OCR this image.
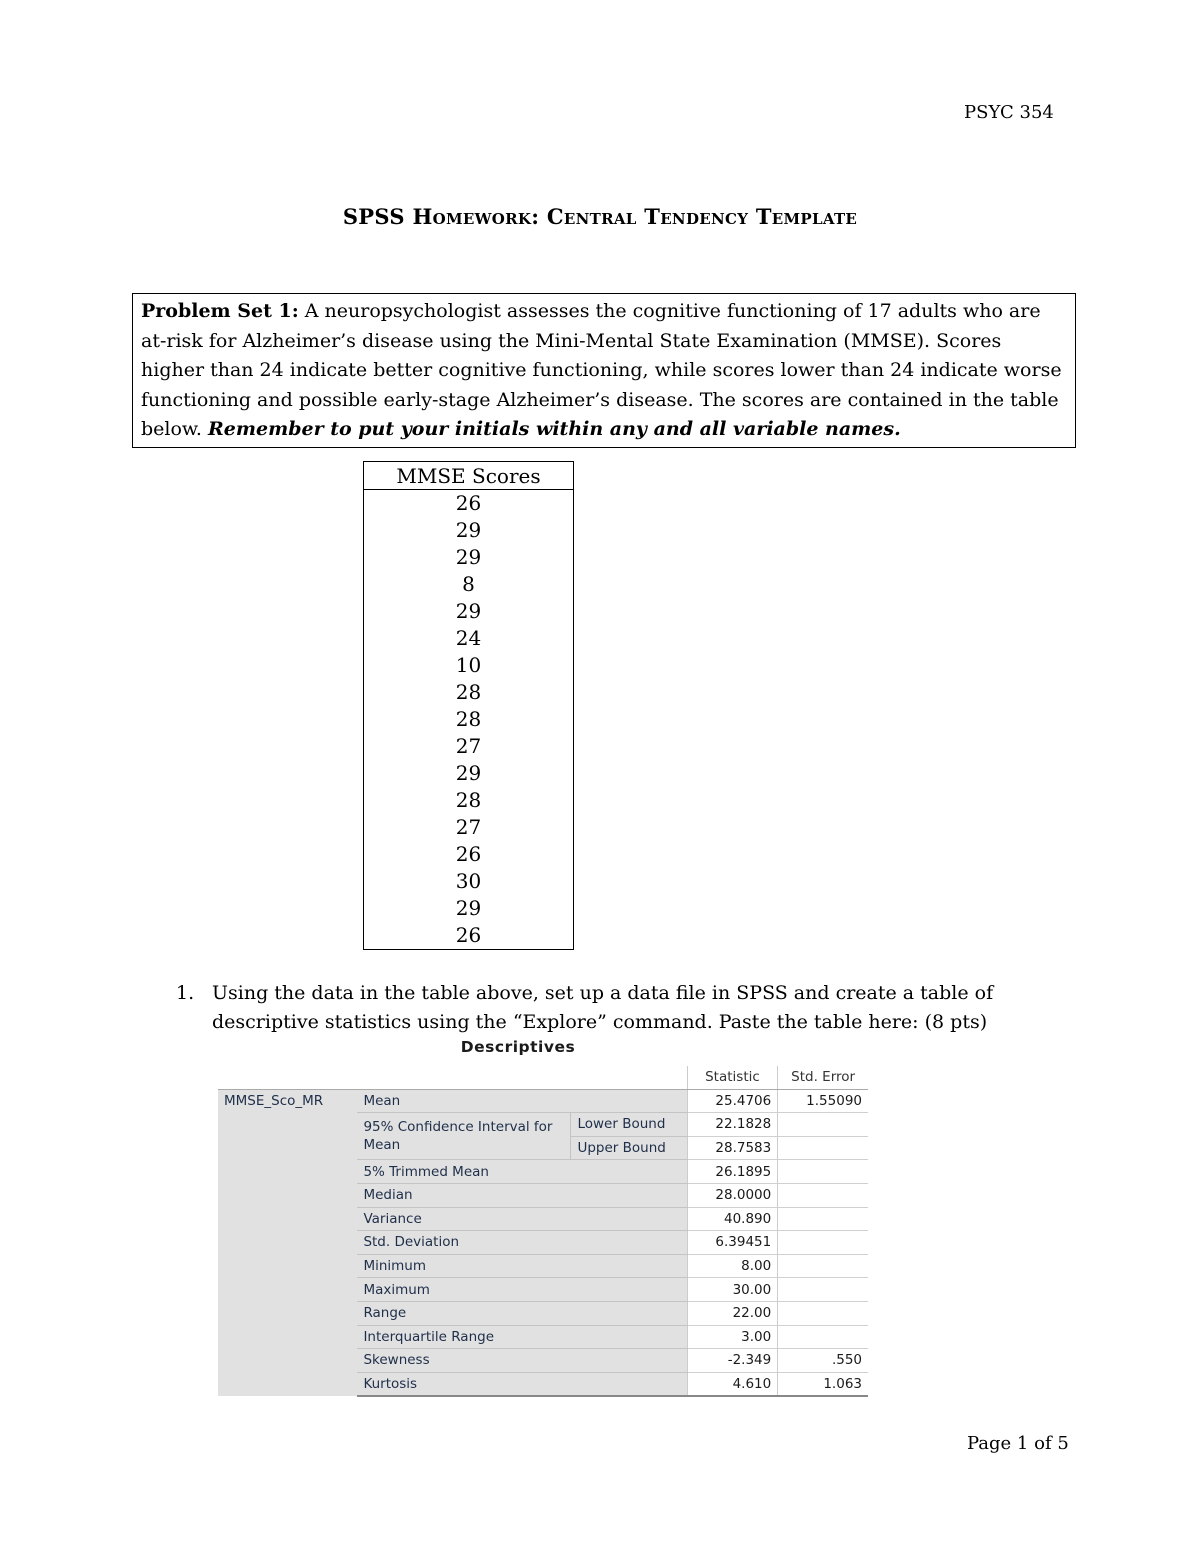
PSYC 354
SPSS Homework: Central Tendency Template
Problem Set 1: A neuropsychologist assesses the cognitive functioning of 17 adults who are at-risk for Alzheimer’s disease using the Mini-Mental State Examination (MMSE). Scores higher than 24 indicate better cognitive functioning, while scores lower than 24 indicate worse functioning and possible early-stage Alzheimer’s disease. The scores are contained in the table below. Remember to put your initials within any and all variable names.
MMSE Scores
26
29
29
8
29
24
10
28
28
27
29
28
27
26
30
29
26
1. Using the data in the table above, set up a data file in SPSS and create a table of descriptive statistics using the “Explore” command. Paste the table here: (8 pts)
Descriptives
			Statistic	Std. Error
MMSE_Sco_MR	Mean		25.4706	1.55090
	95% Confidence Interval for Mean	Lower Bound	22.1828	
		Upper Bound	28.7583	
	5% Trimmed Mean		26.1895	
	Median		28.0000	
	Variance		40.890	
	Std. Deviation		6.39451	
	Minimum		8.00	
	Maximum		30.00	
	Range		22.00	
	Interquartile Range		3.00	
	Skewness		-2.349	.550
	Kurtosis		4.610	1.063
Page 1 of 5
